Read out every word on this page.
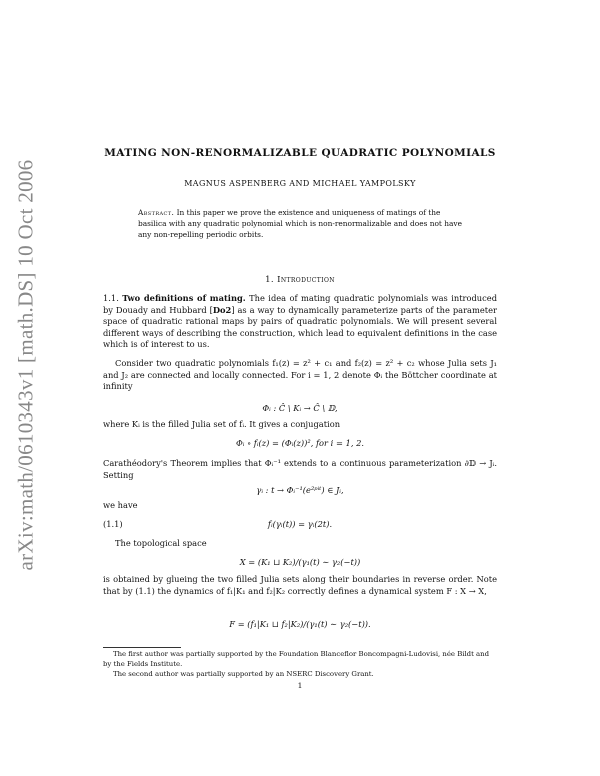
arXiv:math/0610343v1 [math.DS] 10 Oct 2006
MATING NON-RENORMALIZABLE QUADRATIC POLYNOMIALS
MAGNUS ASPENBERG AND MICHAEL YAMPOLSKY
Abstract. In this paper we prove the existence and uniqueness of matings of the basilica with any quadratic polynomial which is non-renormalizable and does not have any non-repelling periodic orbits.
1. Introduction
1.1. Two definitions of mating. The idea of mating quadratic polynomials was introduced by Douady and Hubbard [Do2] as a way to dynamically parameterize parts of the parameter space of quadratic rational maps by pairs of quadratic polynomials. We will present several different ways of describing the construction, which lead to equivalent definitions in the case which is of interest to us.
Consider two quadratic polynomials f₁(z) = z² + c₁ and f₂(z) = z² + c₂ whose Julia sets J₁ and J₂ are connected and locally connected. For i = 1, 2 denote Φᵢ the Böttcher coordinate at infinity
Φᵢ : Ĉ \ Kᵢ → Ĉ \ 𝔻,
where Kᵢ is the filled Julia set of fᵢ. It gives a conjugation
Φᵢ ∘ fᵢ(z) = (Φᵢ(z))², for i = 1, 2.
Carathéodory's Theorem implies that Φᵢ⁻¹ extends to a continuous parameterization ∂𝔻 → Jᵢ. Setting
γᵢ : t → Φᵢ⁻¹(e²ᵖⁱᵗ) ∈ Jᵢ,
we have
(1.1)	fᵢ(γᵢ(t)) = γᵢ(2t).
The topological space
X = (K₁ ⊔ K₂)/(γ₁(t) ∼ γ₂(−t))
is obtained by glueing the two filled Julia sets along their boundaries in reverse order. Note that by (1.1) the dynamics of f₁|K₁ and f₂|K₂ correctly defines a dynamical system F : X → X,
F = (f₁|K₁ ⊔ f₂|K₂)/(γ₁(t) ∼ γ₂(−t)).
The first author was partially supported by the Foundation Blanceflor Boncompagni-Ludovisi, née Bildt and by the Fields Institute.
The second author was partially supported by an NSERC Discovery Grant.
1
